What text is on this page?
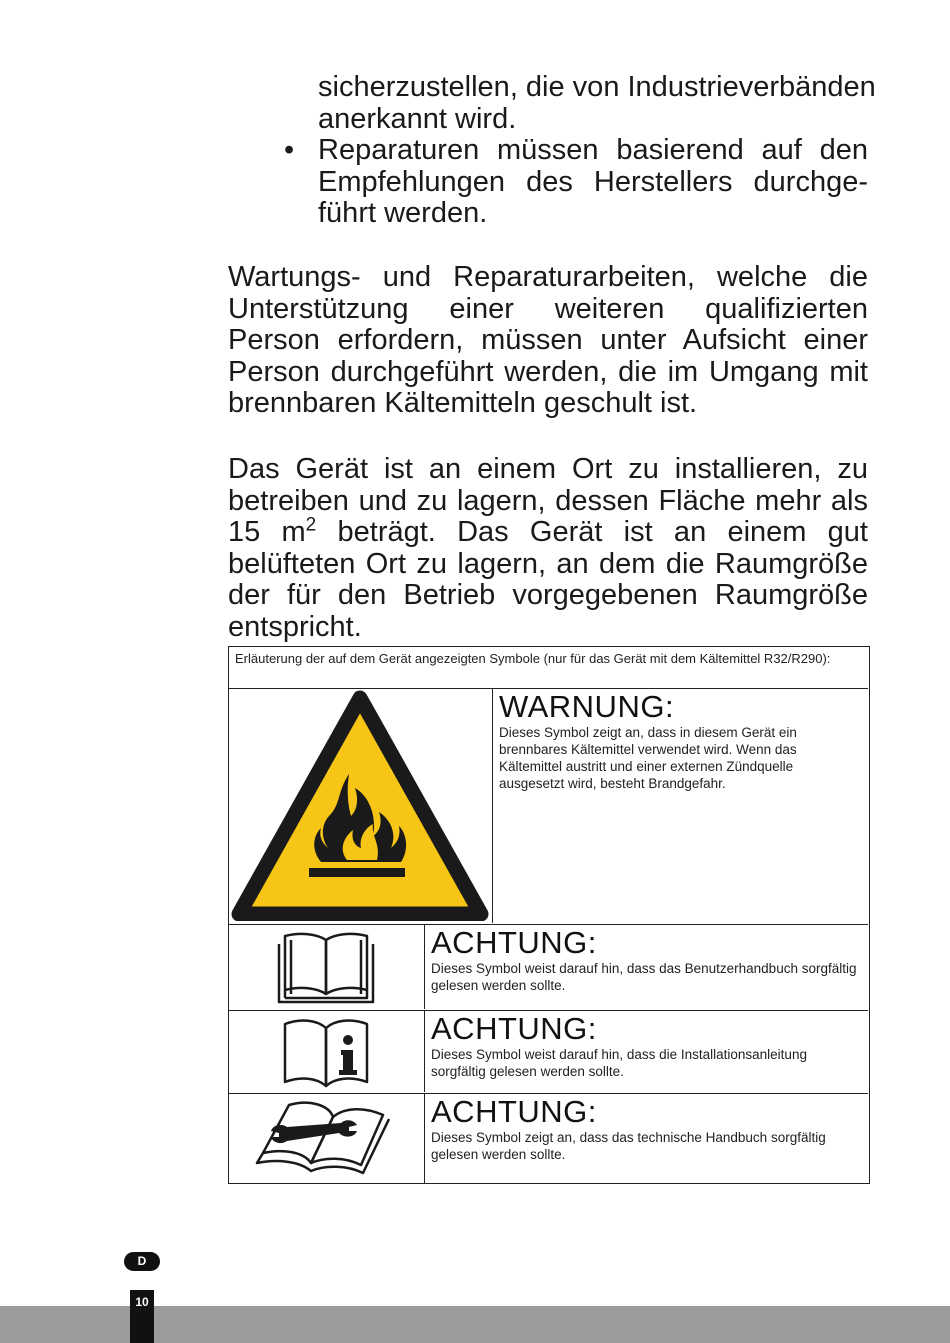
sicherzustellen, die von Industrieverbänden
anerkannt wird.
• Reparaturen müssen basierend auf den
Empfehlungen des Herstellers durchge-
führt werden.

Wartungs- und Reparaturarbeiten, welche die Unterstützung einer weiteren qualifizierten Person erfordern, müssen unter Aufsicht einer Person durchgeführt werden, die im Umgang mit brennbaren Kältemitteln geschult ist.

Das Gerät ist an einem Ort zu installieren, zu betreiben und zu lagern, dessen Fläche mehr als 15 $m^2$ beträgt. Das Gerät ist an einem gut belüfteten Ort zu lagern, an dem die Raumgröße der für den Betrieb vorgegebenen Raumgröße entspricht.

Erläuterung der auf dem Gerät angezeigten Symbole (nur für das Gerät mit dem Kältemittel R32/R290):
WARNUNG:
Dieses Symbol zeigt an, dass in diesem Gerät ein brennbares Kältemittel verwendet wird. Wenn das Kältemittel austritt und einer externen Zündquelle ausgesetzt wird, besteht Brandgefahr.
ACHTUNG:
Dieses Symbol weist darauf hin, dass das Benutzerhandbuch sorgfältig gelesen werden sollte.
ACHTUNG:
Dieses Symbol weist darauf hin, dass die Installationsanleitung sorgfältig gelesen werden sollte.
ACHTUNG:
Dieses Symbol zeigt an, dass das technische Handbuch sorgfältig gelesen werden sollte.
D
10
